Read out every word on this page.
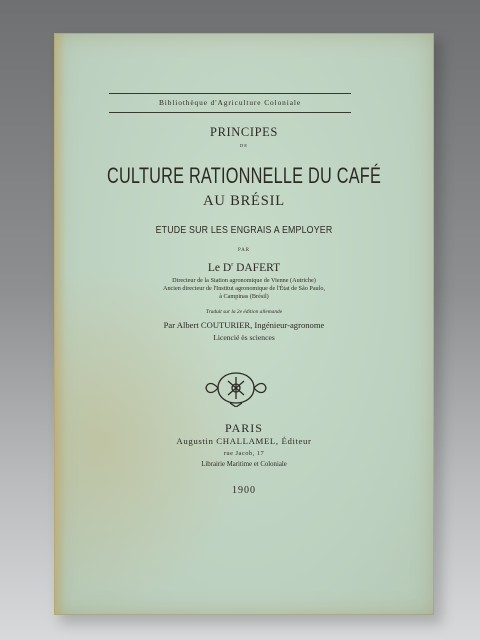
Bibliothèque d'Agriculture Coloniale
PRINCIPES
DE
CULTURE RATIONNELLE DU CAFÉ
AU BRÉSIL
ÉTUDE SUR LES ENGRAIS A EMPLOYER
PAR
Le $D^r$ DAFERT
Directeur de la Station agronomique de Vienne (Autriche)
Ancien directeur de l'Institut agronomique de l'État de São Paulo,
à Campinas (Brésil)
Traduit sur la 2e édition allemande
Par Albert COUTURIER, Ingénieur-agronome
Licencié ès sciences
PARIS
Augustin CHALLAMEL, Éditeur
rue Jacob, 17
Librairie Maritime et Coloniale
1900
